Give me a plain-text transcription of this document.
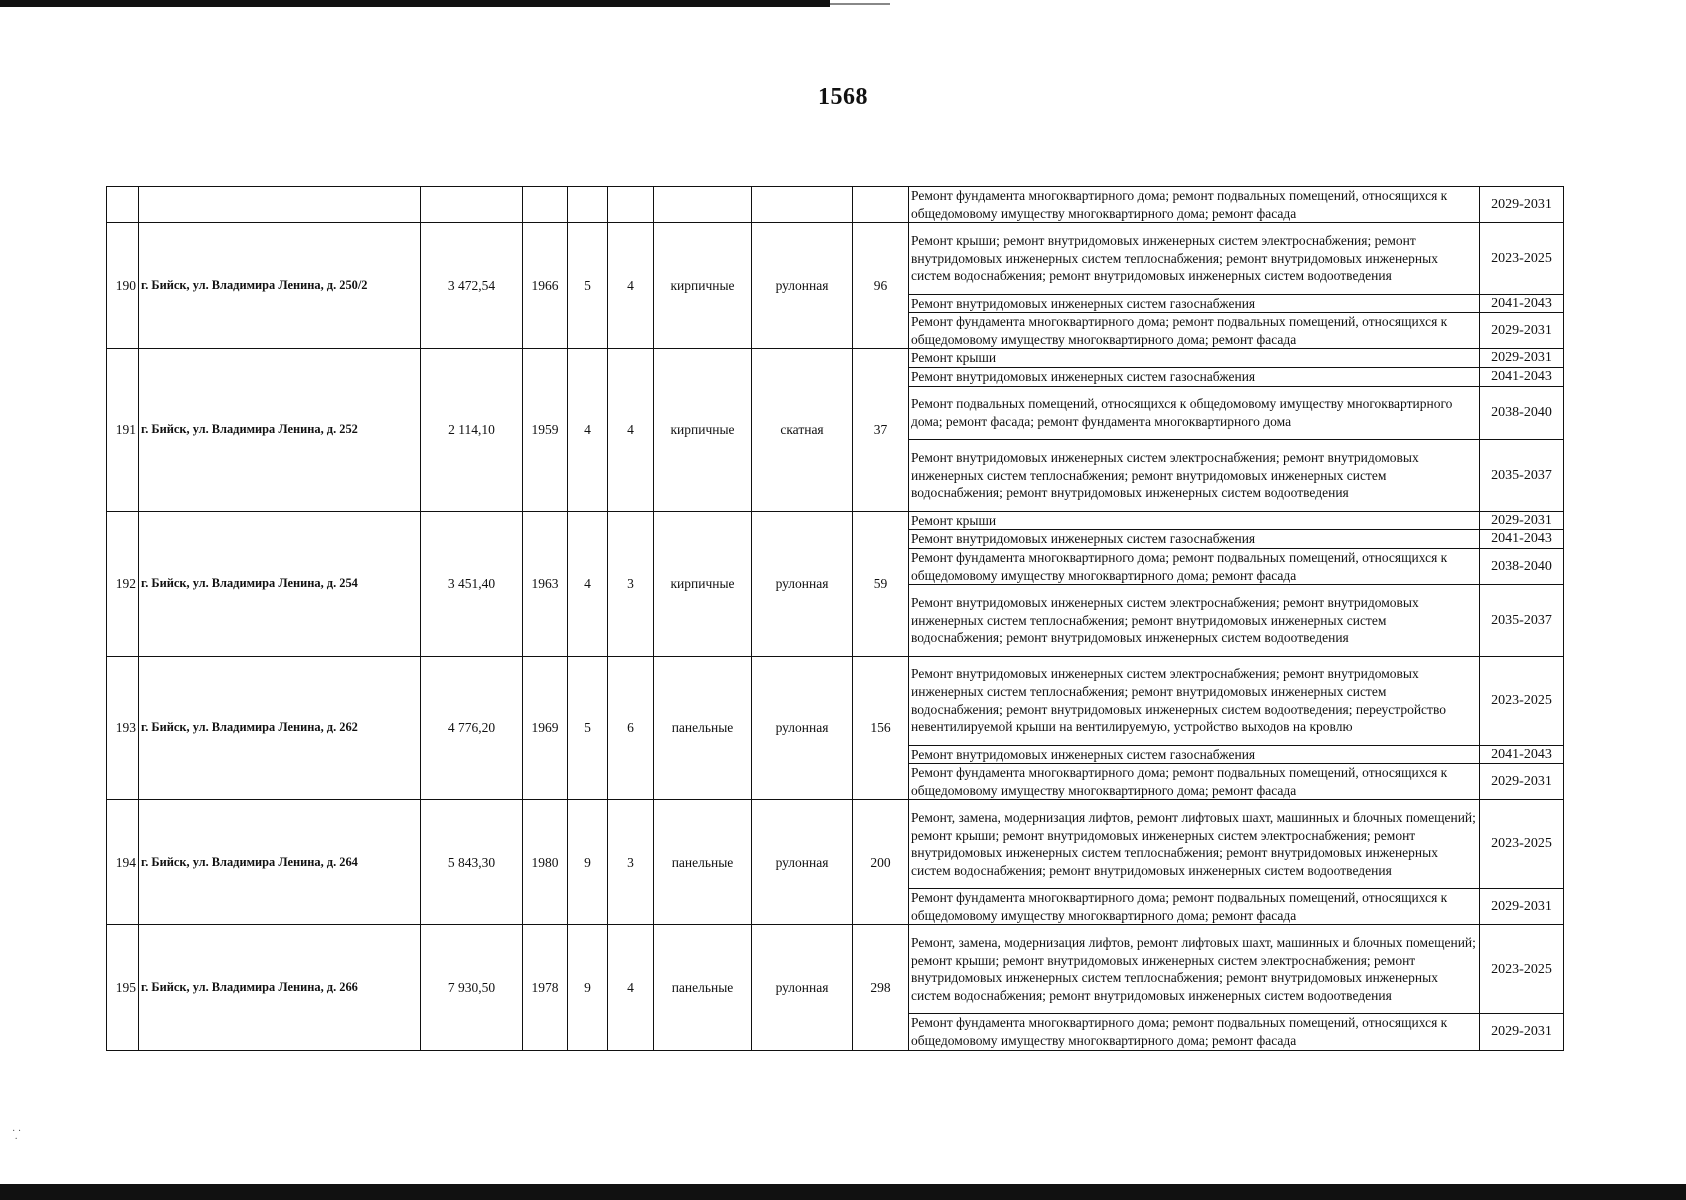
· ·
·
1568
									Ремонт фундамента многоквартирного дома; ремонт подвальных помещений, относящихся к общедомовому имуществу многоквартирного дома; ремонт фасада	2029-2031
190	г. Бийск, ул. Владимира Ленина, д. 250/2	3 472,54	1966	5	4	кирпичные	рулонная	96	Ремонт крыши; ремонт внутридомовых инженерных систем электроснабжения; ремонт внутридомовых инженерных систем теплоснабжения; ремонт внутридомовых инженерных систем водоснабжения; ремонт внутридомовых инженерных систем водоотведения	2023-2025
									Ремонт внутридомовых инженерных систем газоснабжения	2041-2043
									Ремонт фундамента многоквартирного дома; ремонт подвальных помещений, относящихся к общедомовому имуществу многоквартирного дома; ремонт фасада	2029-2031
191	г. Бийск, ул. Владимира Ленина, д. 252	2 114,10	1959	4	4	кирпичные	скатная	37	Ремонт крыши	2029-2031
									Ремонт внутридомовых инженерных систем газоснабжения	2041-2043
									Ремонт подвальных помещений, относящихся к общедомовому имуществу многоквартирного дома; ремонт фасада; ремонт фундамента многоквартирного дома	2038-2040
									Ремонт внутридомовых инженерных систем электроснабжения; ремонт внутридомовых инженерных систем теплоснабжения; ремонт внутридомовых инженерных систем водоснабжения; ремонт внутридомовых инженерных систем водоотведения	2035-2037
192	г. Бийск, ул. Владимира Ленина, д. 254	3 451,40	1963	4	3	кирпичные	рулонная	59	Ремонт крыши	2029-2031
									Ремонт внутридомовых инженерных систем газоснабжения	2041-2043
									Ремонт фундамента многоквартирного дома; ремонт подвальных помещений, относящихся к общедомовому имуществу многоквартирного дома; ремонт фасада	2038-2040
									Ремонт внутридомовых инженерных систем электроснабжения; ремонт внутридомовых инженерных систем теплоснабжения; ремонт внутридомовых инженерных систем водоснабжения; ремонт внутридомовых инженерных систем водоотведения	2035-2037
193	г. Бийск, ул. Владимира Ленина, д. 262	4 776,20	1969	5	6	панельные	рулонная	156	Ремонт внутридомовых инженерных систем электроснабжения; ремонт внутридомовых инженерных систем теплоснабжения; ремонт внутридомовых инженерных систем водоснабжения; ремонт внутридомовых инженерных систем водоотведения; переустройство невентилируемой крыши на вентилируемую, устройство выходов на кровлю	2023-2025
									Ремонт внутридомовых инженерных систем газоснабжения	2041-2043
									Ремонт фундамента многоквартирного дома; ремонт подвальных помещений, относящихся к общедомовому имуществу многоквартирного дома; ремонт фасада	2029-2031
194	г. Бийск, ул. Владимира Ленина, д. 264	5 843,30	1980	9	3	панельные	рулонная	200	Ремонт, замена, модернизация лифтов, ремонт лифтовых шахт, машинных и блочных помещений; ремонт крыши; ремонт внутридомовых инженерных систем электроснабжения; ремонт внутридомовых инженерных систем теплоснабжения; ремонт внутридомовых инженерных систем водоснабжения; ремонт внутридомовых инженерных систем водоотведения	2023-2025
									Ремонт фундамента многоквартирного дома; ремонт подвальных помещений, относящихся к общедомовому имуществу многоквартирного дома; ремонт фасада	2029-2031
195	г. Бийск, ул. Владимира Ленина, д. 266	7 930,50	1978	9	4	панельные	рулонная	298	Ремонт, замена, модернизация лифтов, ремонт лифтовых шахт, машинных и блочных помещений; ремонт крыши; ремонт внутридомовых инженерных систем электроснабжения; ремонт внутридомовых инженерных систем теплоснабжения; ремонт внутридомовых инженерных систем водоснабжения; ремонт внутридомовых инженерных систем водоотведения	2023-2025
									Ремонт фундамента многоквартирного дома; ремонт подвальных помещений, относящихся к общедомовому имуществу многоквартирного дома; ремонт фасада	2029-2031
